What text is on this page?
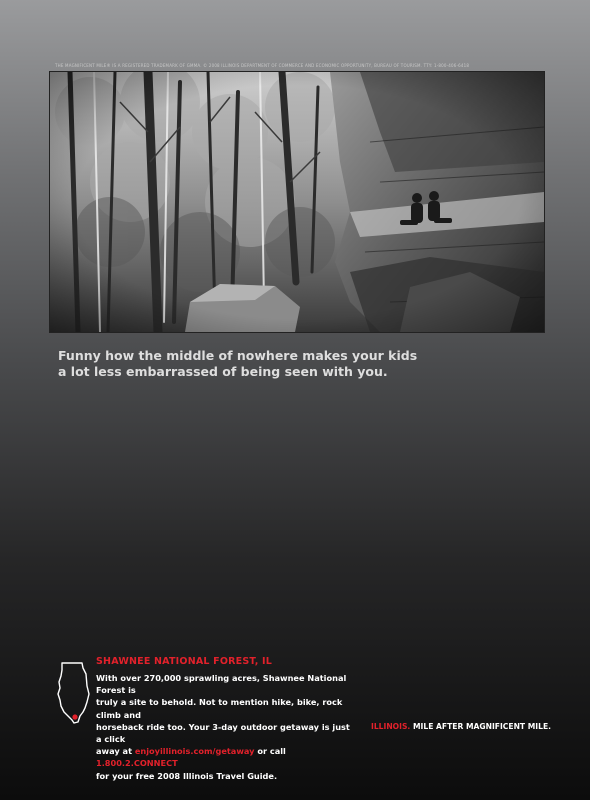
THE MAGNIFICENT MILE® IS A REGISTERED TRADEMARK OF GMMA. © 2008 ILLINOIS DEPARTMENT OF COMMERCE AND ECONOMIC OPPORTUNITY, BUREAU OF TOURISM. TTY: 1-800-406-6418
Funny how the middle of nowhere makes your kids
a lot less embarrassed of being seen with you.
SHAWNEE NATIONAL FOREST, IL
With over 270,000 sprawling acres, Shawnee National Forest is
truly a site to behold. Not to mention hike, bike, rock climb and
horseback ride too. Your 3-day outdoor getaway is just a click
away at enjoyillinois.com/getaway or call 1.800.2.CONNECT
for your free 2008 Illinois Travel Guide.
ILLINOIS. MILE AFTER MAGNIFICENT MILE.
